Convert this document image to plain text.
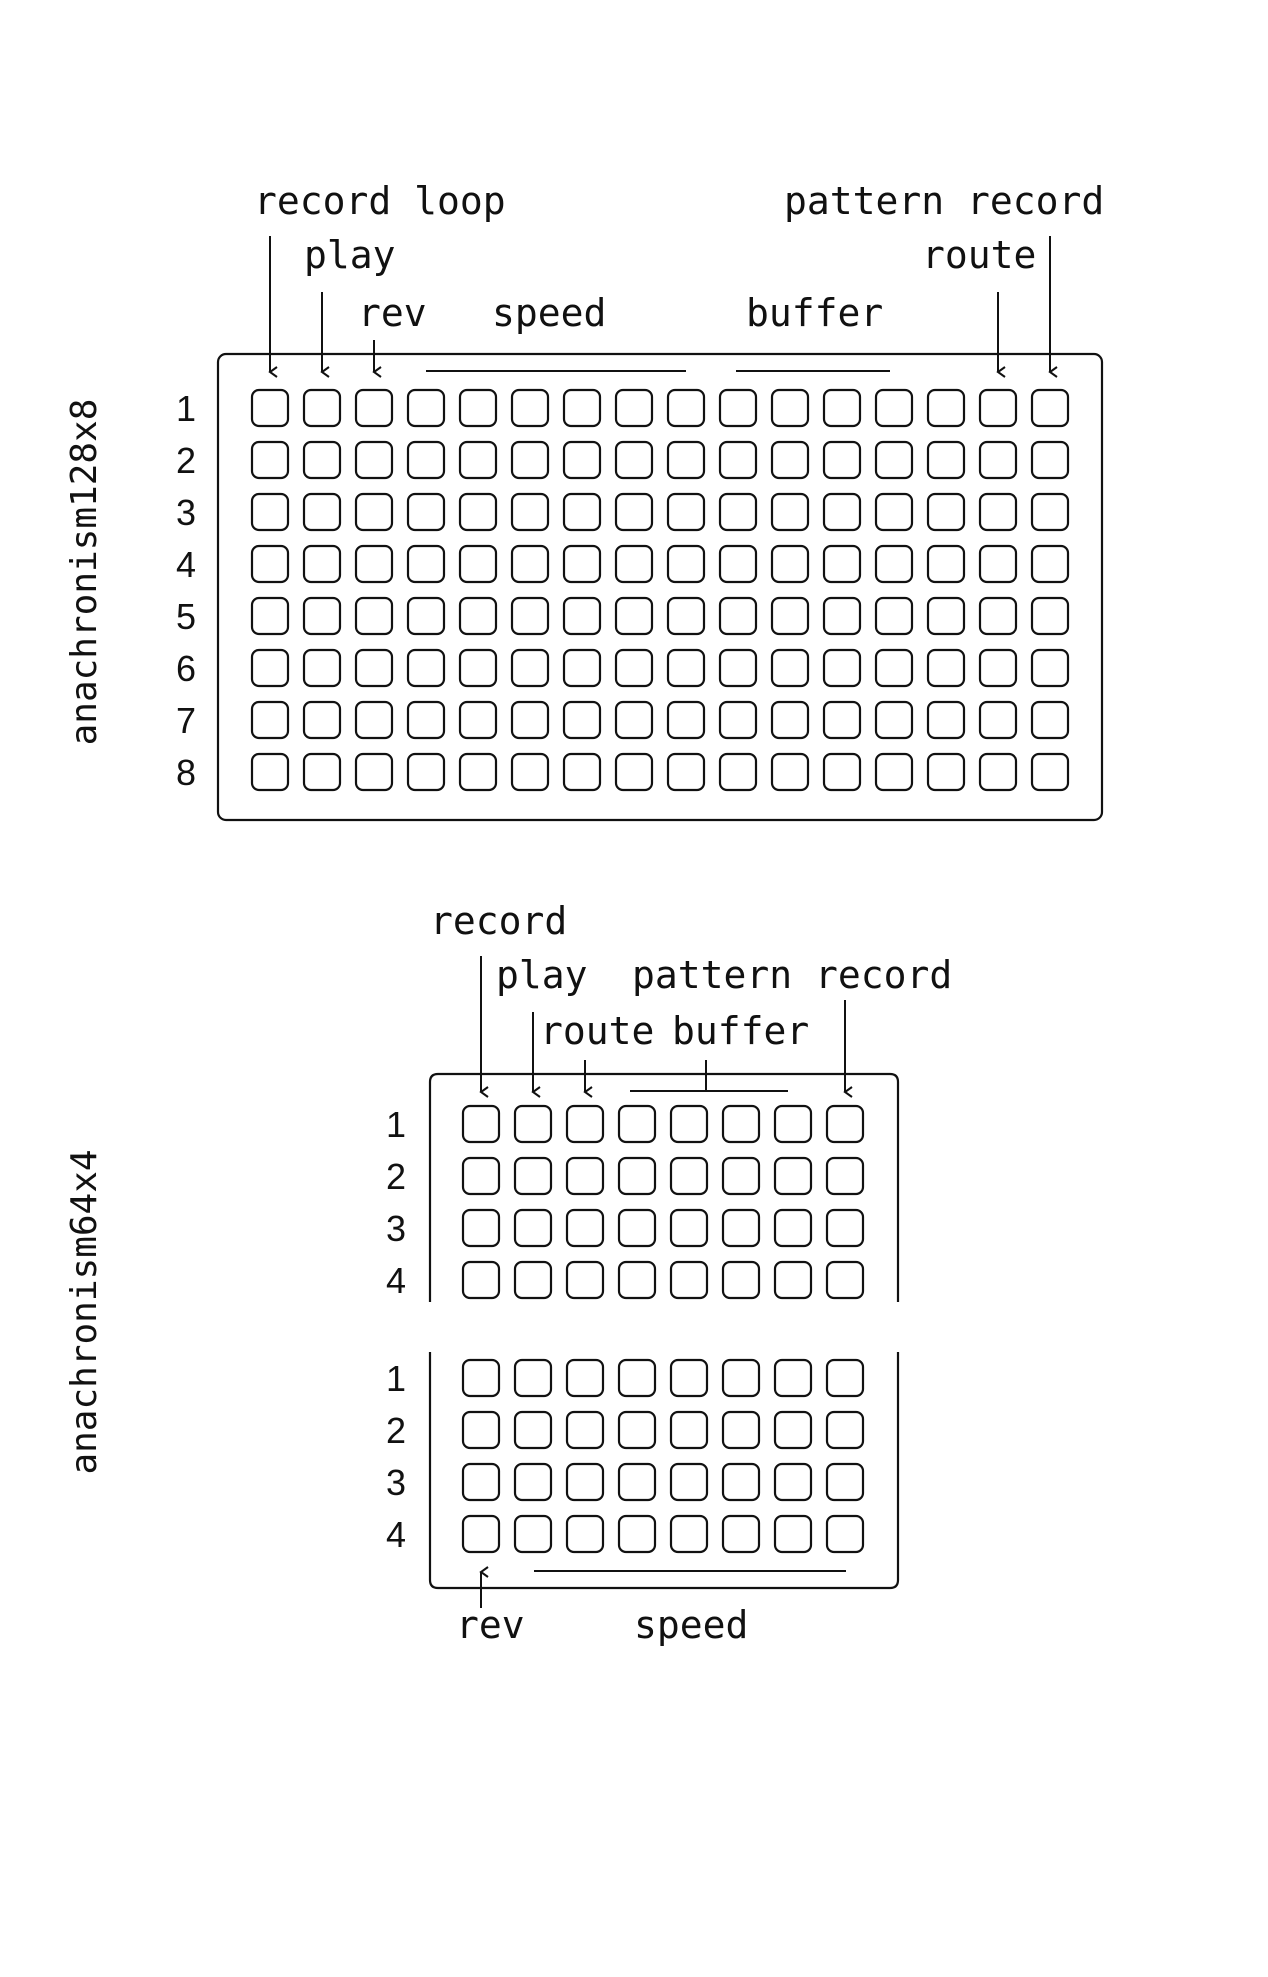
anachronism128x8
record loop
play
rev speed	buffer
pattern record
route
1
2
3
4
5
6
7
8
anachronism64x4
record
play pattern record
route buffer
1
2
3
4
1
2
3
4
rev	speed
